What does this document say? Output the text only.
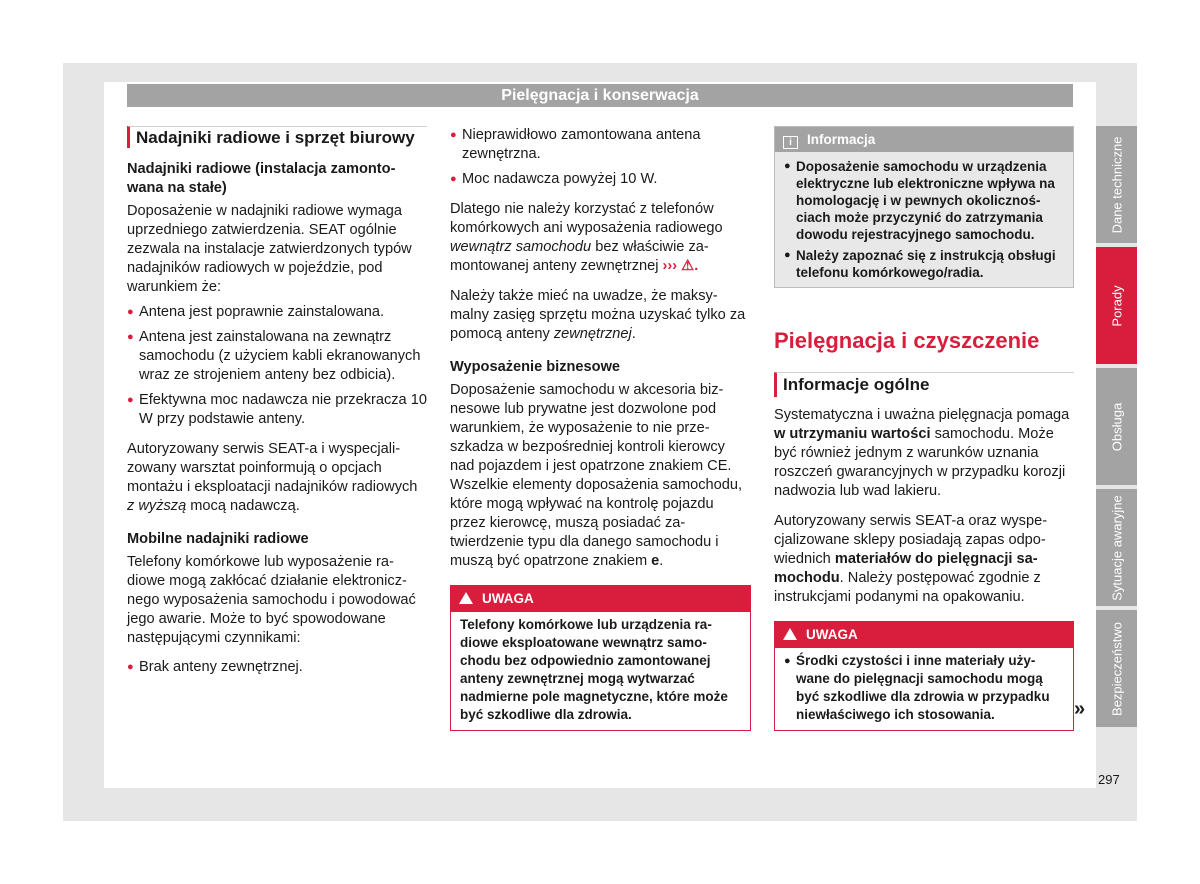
Pielęgnacja i konserwacja
Nadajniki radiowe i sprzęt biurowy
Nadajniki radiowe (instalacja zamontowana na stałe)

Doposażenie w nadajniki radiowe wymaga uprzedniego zatwierdzenia. SEAT ogólnie zezwala na instalacje zatwierdzonych typów nadajników radiowych w pojeździe, pod warunkiem że:

● Antena jest poprawnie zainstalowana.
● Antena jest zainstalowana na zewnątrz samochodu (z użyciem kabli ekranowanych wraz ze strojeniem anteny bez odbicia).
● Efektywna moc nadawcza nie przekracza 10 W przy podstawie anteny.

Autoryzowany serwis SEAT-a i wyspecjalizowany warsztat poinformują o opcjach montażu i eksploatacji nadajników radiowych z wyższą mocą nadawczą.

Mobilne nadajniki radiowe

Telefony komórkowe lub wyposażenie radiowe mogą zakłócać działanie elektronicznego wyposażenia samochodu i powodować jego awarie. Może to być spowodowane następującymi czynnikami:

● Brak anteny zewnętrznej.
● Nieprawidłowo zamontowana antena zewnętrzna.
● Moc nadawcza powyżej 10 W.

Dlatego nie należy korzystać z telefonów komórkowych ani wyposażenia radiowego wewnątrz samochodu bez właściwie zamontowanej anteny zewnętrznej ››› ⚠.

Należy także mieć na uwadze, że maksymalny zasięg sprzętu można uzyskać tylko za pomocą anteny zewnętrznej.

Wyposażenie biznesowe

Doposażenie samochodu w akcesoria biznesowe lub prywatne jest dozwolone pod warunkiem, że wyposażenie to nie przeszkadza w bezpośredniej kontroli kierowcy nad pojazdem i jest opatrzone znakiem CE. Wszelkie elementy doposażenia samochodu, które mogą wpływać na kontrolę pojazdu przez kierowcę, muszą posiadać zatwierdzenie typu dla danego samochodu i muszą być opatrzone znakiem e.

UWAGA
Telefony komórkowe lub urządzenia radiowe eksploatowane wewnątrz samochodu bez odpowiednio zamontowanej anteny zewnętrznej mogą wytwarzać nadmierne pole magnetyczne, które może być szkodliwe dla zdrowia.
i Informacja
● Doposażenie samochodu w urządzenia elektryczne lub elektroniczne wpływa na homologację i w pewnych okolicznościach może przyczynić do zatrzymania dowodu rejestracyjnego samochodu.
● Należy zapoznać się z instrukcją obsługi telefonu komórkowego/radia.
Pielęgnacja i czyszczenie
Informacje ogólne

Systematyczna i uważna pielęgnacja pomaga w utrzymaniu wartości samochodu. Może być również jednym z warunków uznania roszczeń gwarancyjnych w przypadku korozji nadwozia lub wad lakieru.

Autoryzowany serwis SEAT-a oraz wyspecjalizowane sklepy posiadają zapas odpowiednich materiałów do pielęgnacji samochodu. Należy postępować zgodnie z instrukcjami podanymi na opakowaniu.

UWAGA
● Środki czystości i inne materiały używane do pielęgnacji samochodu mogą być szkodliwe dla zdrowia w przypadku niewłaściwego ich stosowania.	»
Dane techniczne
Porady
Obsługa
Sytuacje awaryjne
Bezpieczeństwo
297
